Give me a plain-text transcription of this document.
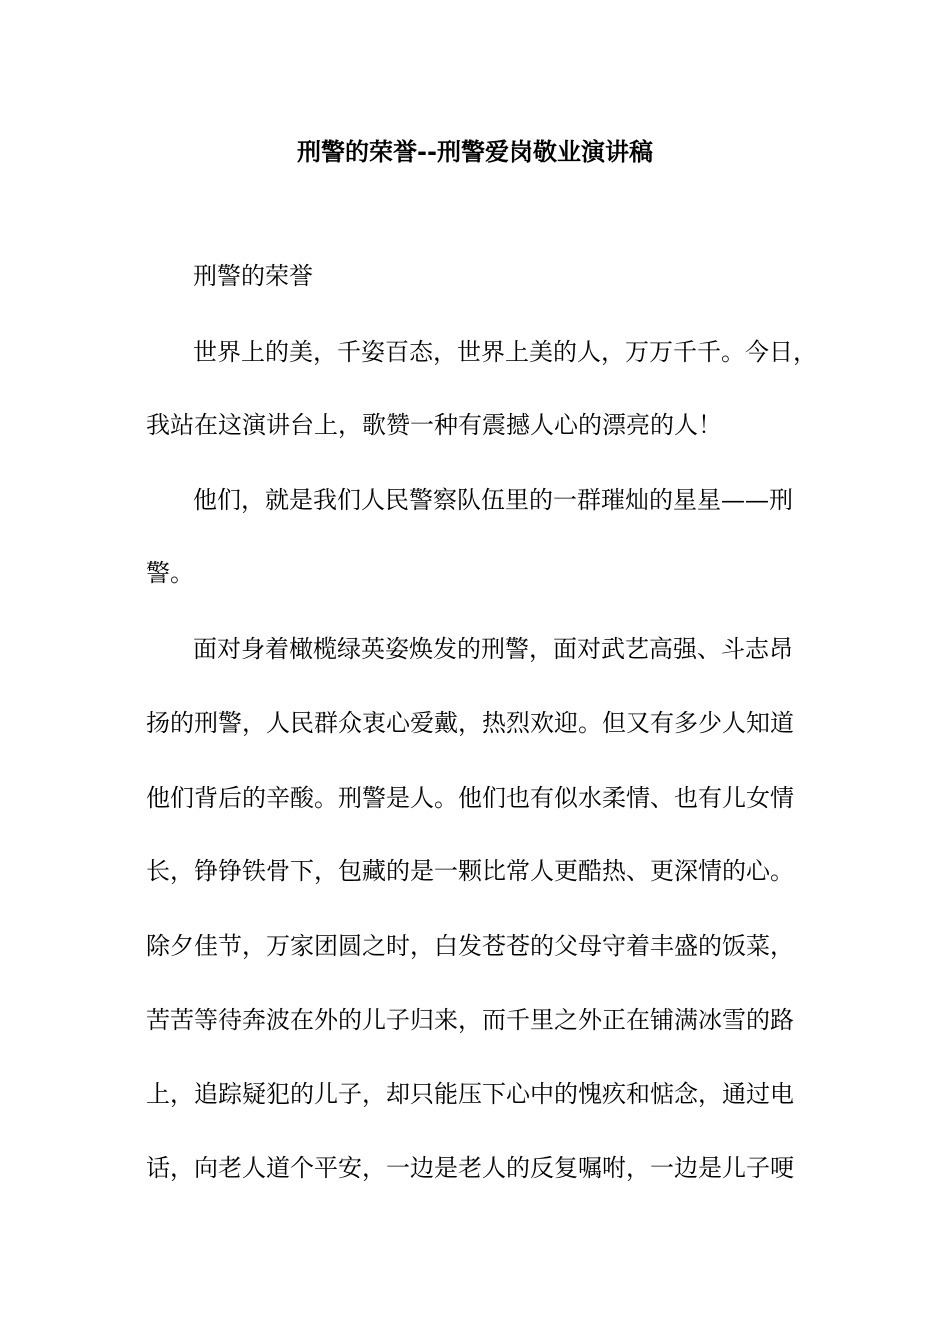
刑警的荣誉--刑警爱岗敬业演讲稿
刑警的荣誉
世界上的美，千姿百态，世界上美的人，万万千千。今日，
我站在这演讲台上，歌赞一种有震撼人心的漂亮的人！
他们，就是我们人民警察队伍里的一群璀灿的星星——刑
警。
面对身着橄榄绿英姿焕发的刑警，面对武艺高强、斗志昂
扬的刑警，人民群众衷心爱戴，热烈欢迎。但又有多少人知道
他们背后的辛酸。刑警是人。他们也有似水柔情、也有儿女情
长，铮铮铁骨下，包藏的是一颗比常人更酷热、更深情的心。
除夕佳节，万家团圆之时，白发苍苍的父母守着丰盛的饭菜，
苦苦等待奔波在外的儿子归来，而千里之外正在铺满冰雪的路
上，追踪疑犯的儿子，却只能压下心中的愧疚和惦念，通过电
话，向老人道个平安，一边是老人的反复嘱咐，一边是儿子哽
